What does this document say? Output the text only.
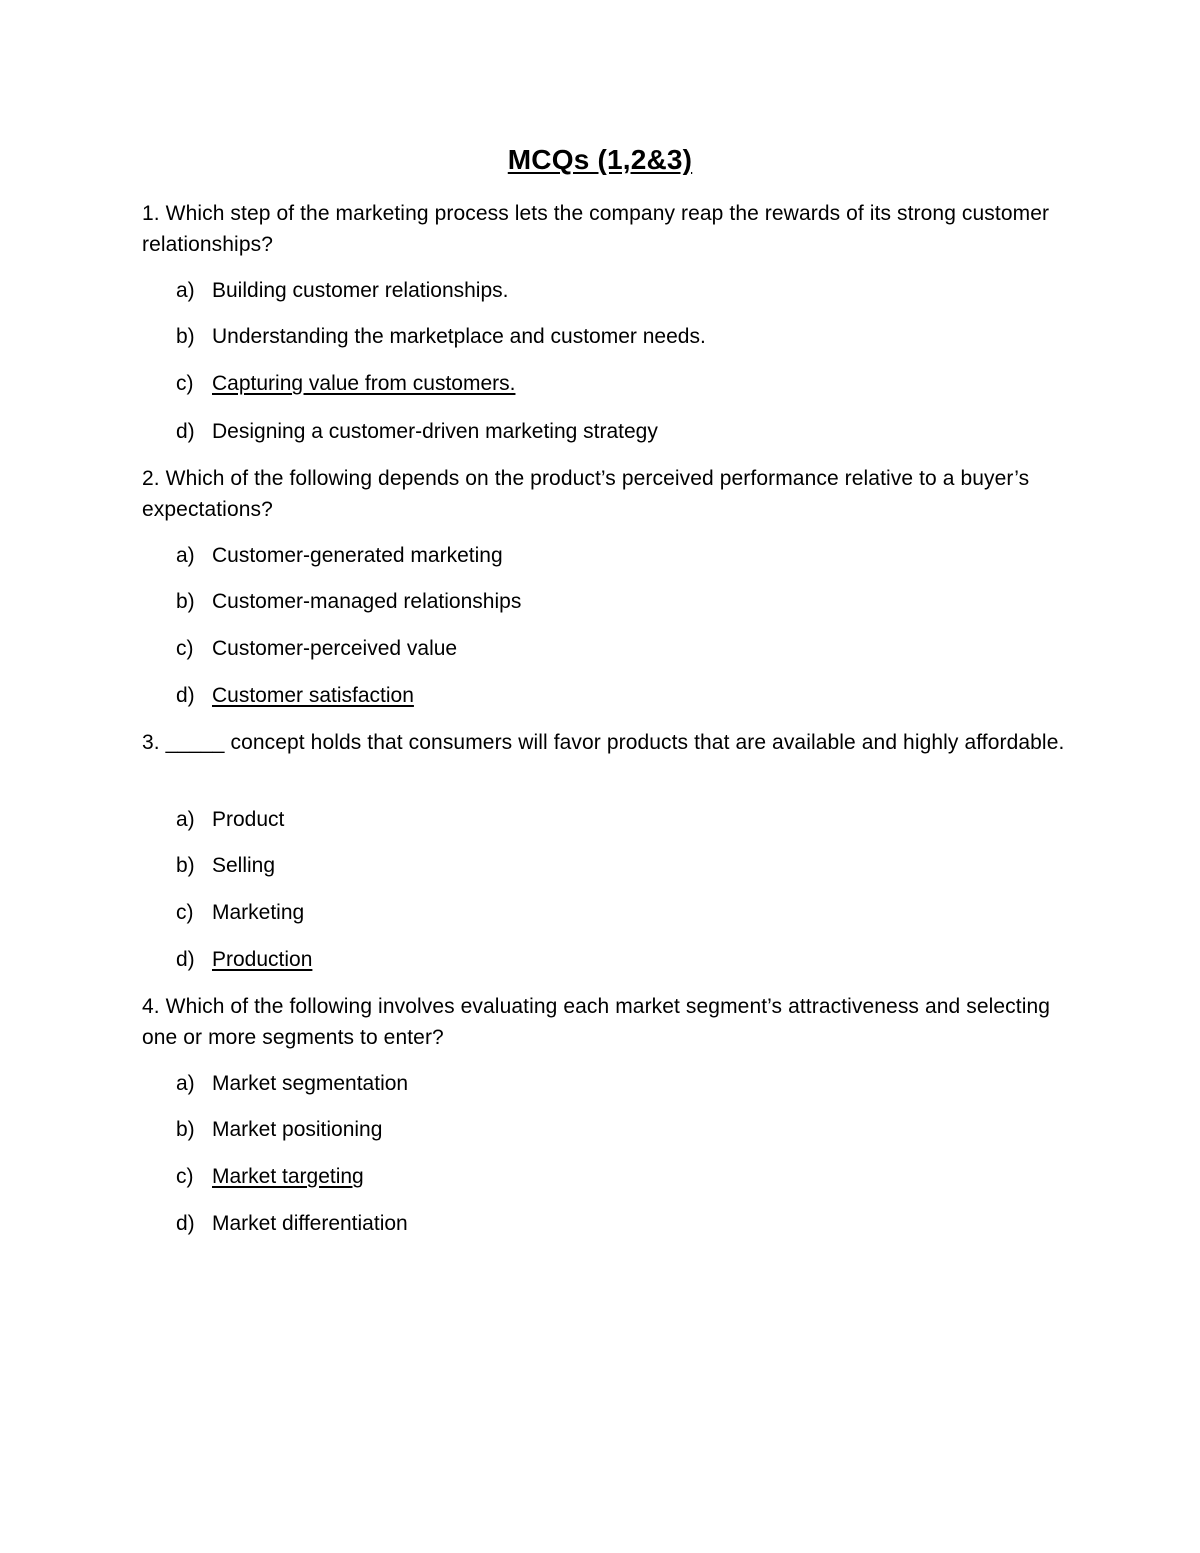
MCQs (1,2&3)
1. Which step of the marketing process lets the company reap the rewards of its strong customer relationships?
a) Building customer relationships.
b) Understanding the marketplace and customer needs.
c) Capturing value from customers.
d) Designing a customer-driven marketing strategy
2. Which of the following depends on the product’s perceived performance relative to a buyer’s expectations?
a) Customer-generated marketing
b) Customer-managed relationships
c) Customer-perceived value
d) Customer satisfaction
3. _____ concept holds that consumers will favor products that are available and highly affordable.
a) Product
b) Selling
c) Marketing
d) Production
4. Which of the following involves evaluating each market segment’s attractiveness and selecting one or more segments to enter?
a) Market segmentation
b) Market positioning
c) Market targeting
d) Market differentiation
